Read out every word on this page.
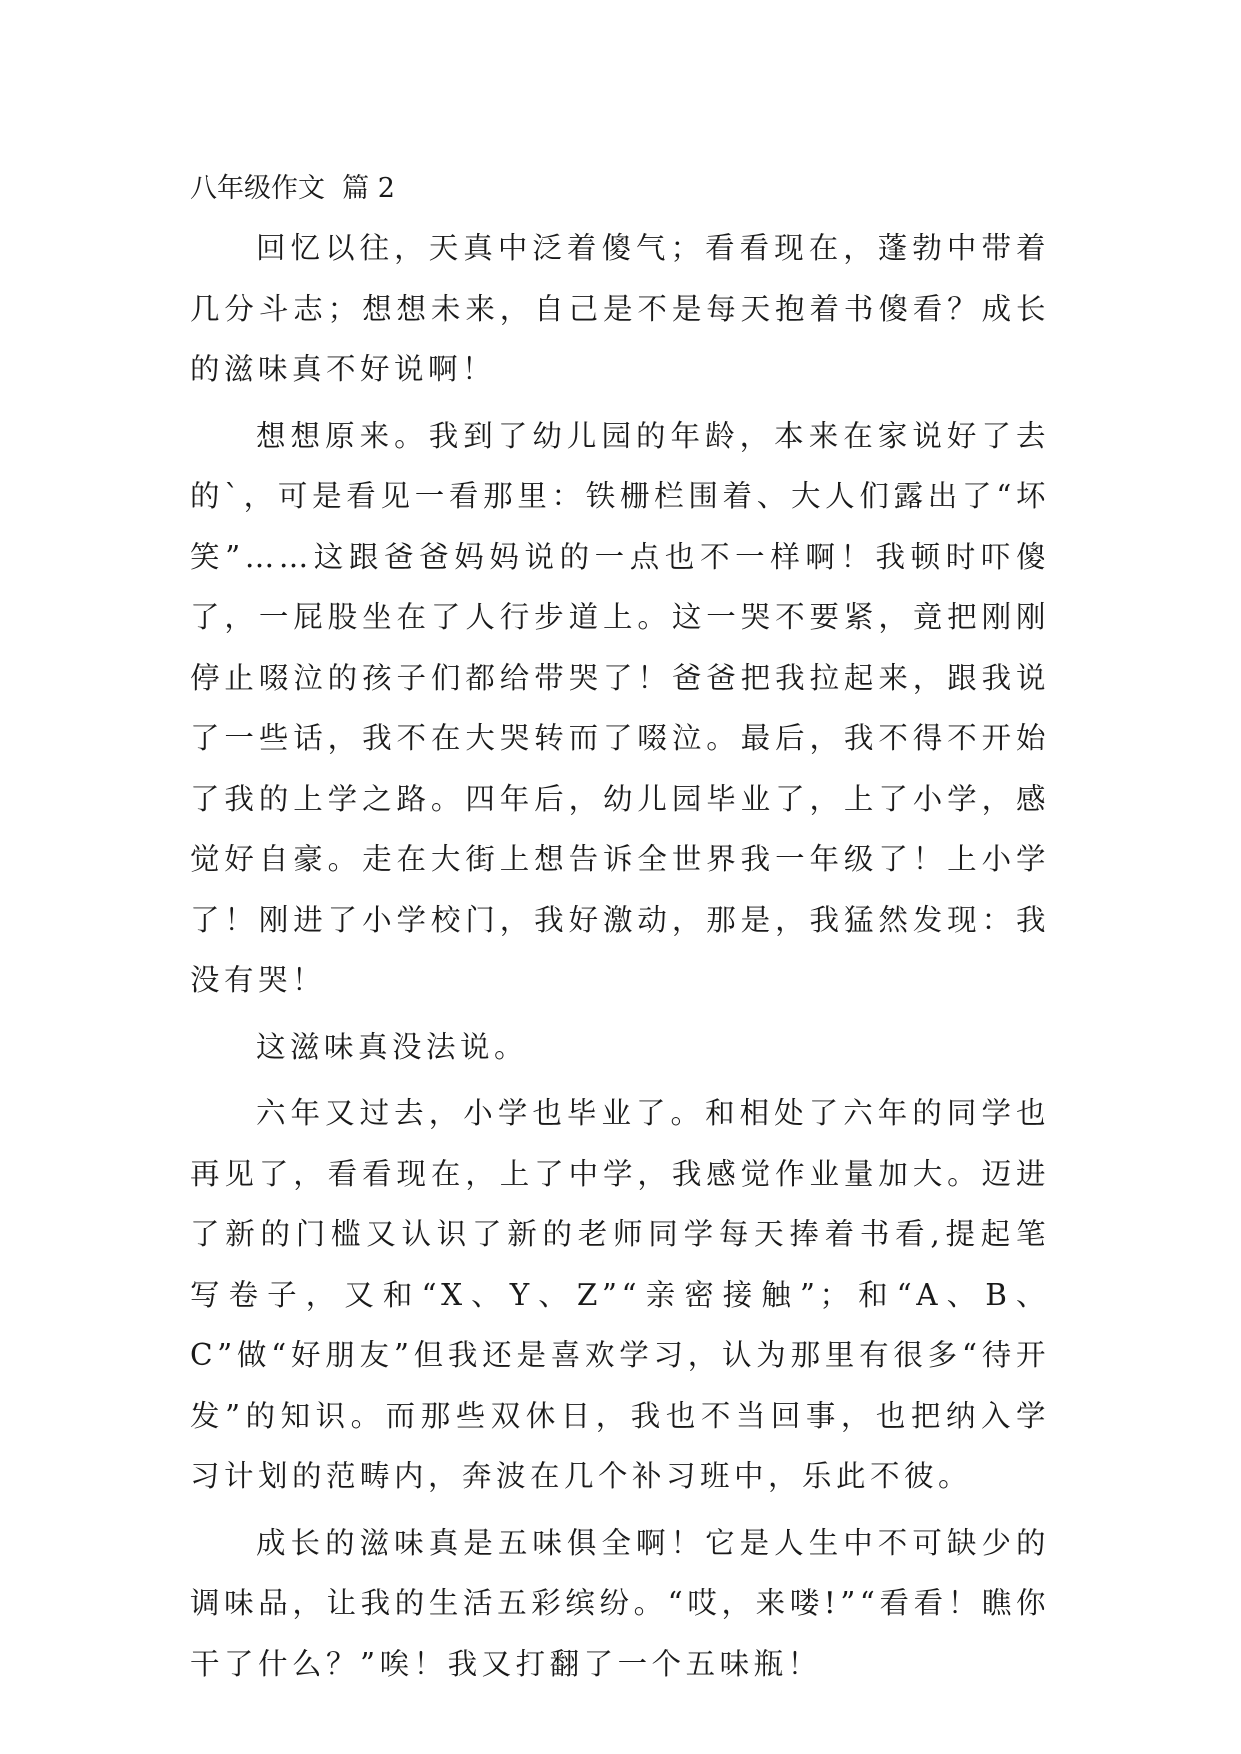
八年级作文  篇 2

回忆以往，天真中泛着傻气；看看现在，蓬勃中带着几分斗志；想想未来，自己是不是每天抱着书傻看？成长的滋味真不好说啊！

想想原来。我到了幼儿园的年龄，本来在家说好了去的`，可是看见一看那里：铁栅栏围着、大人们露出了“坏笑”……这跟爸爸妈妈说的一点也不一样啊！我顿时吓傻了，一屁股坐在了人行步道上。这一哭不要紧，竟把刚刚停止啜泣的孩子们都给带哭了！爸爸把我拉起来，跟我说了一些话，我不在大哭转而了啜泣。最后，我不得不开始了我的上学之路。四年后，幼儿园毕业了，上了小学，感觉好自豪。走在大街上想告诉全世界我一年级了！上小学了！刚进了小学校门，我好激动，那是，我猛然发现：我没有哭！

这滋味真没法说。

六年又过去，小学也毕业了。和相处了六年的同学也再见了，看看现在，上了中学，我感觉作业量加大。迈进了新的门槛又认识了新的老师同学每天捧着书看,提起笔写卷子，又和“X、Y、Z”“亲密接触”；和“A、B、C”做“好朋友”但我还是喜欢学习，认为那里有很多“待开发”的知识。而那些双休日，我也不当回事，也把纳入学习计划的范畴内，奔波在几个补习班中，乐此不彼。

成长的滋味真是五味俱全啊！它是人生中不可缺少的调味品，让我的生活五彩缤纷。“哎，来喽!”“看看！瞧你干了什么？”唉！我又打翻了一个五味瓶！
